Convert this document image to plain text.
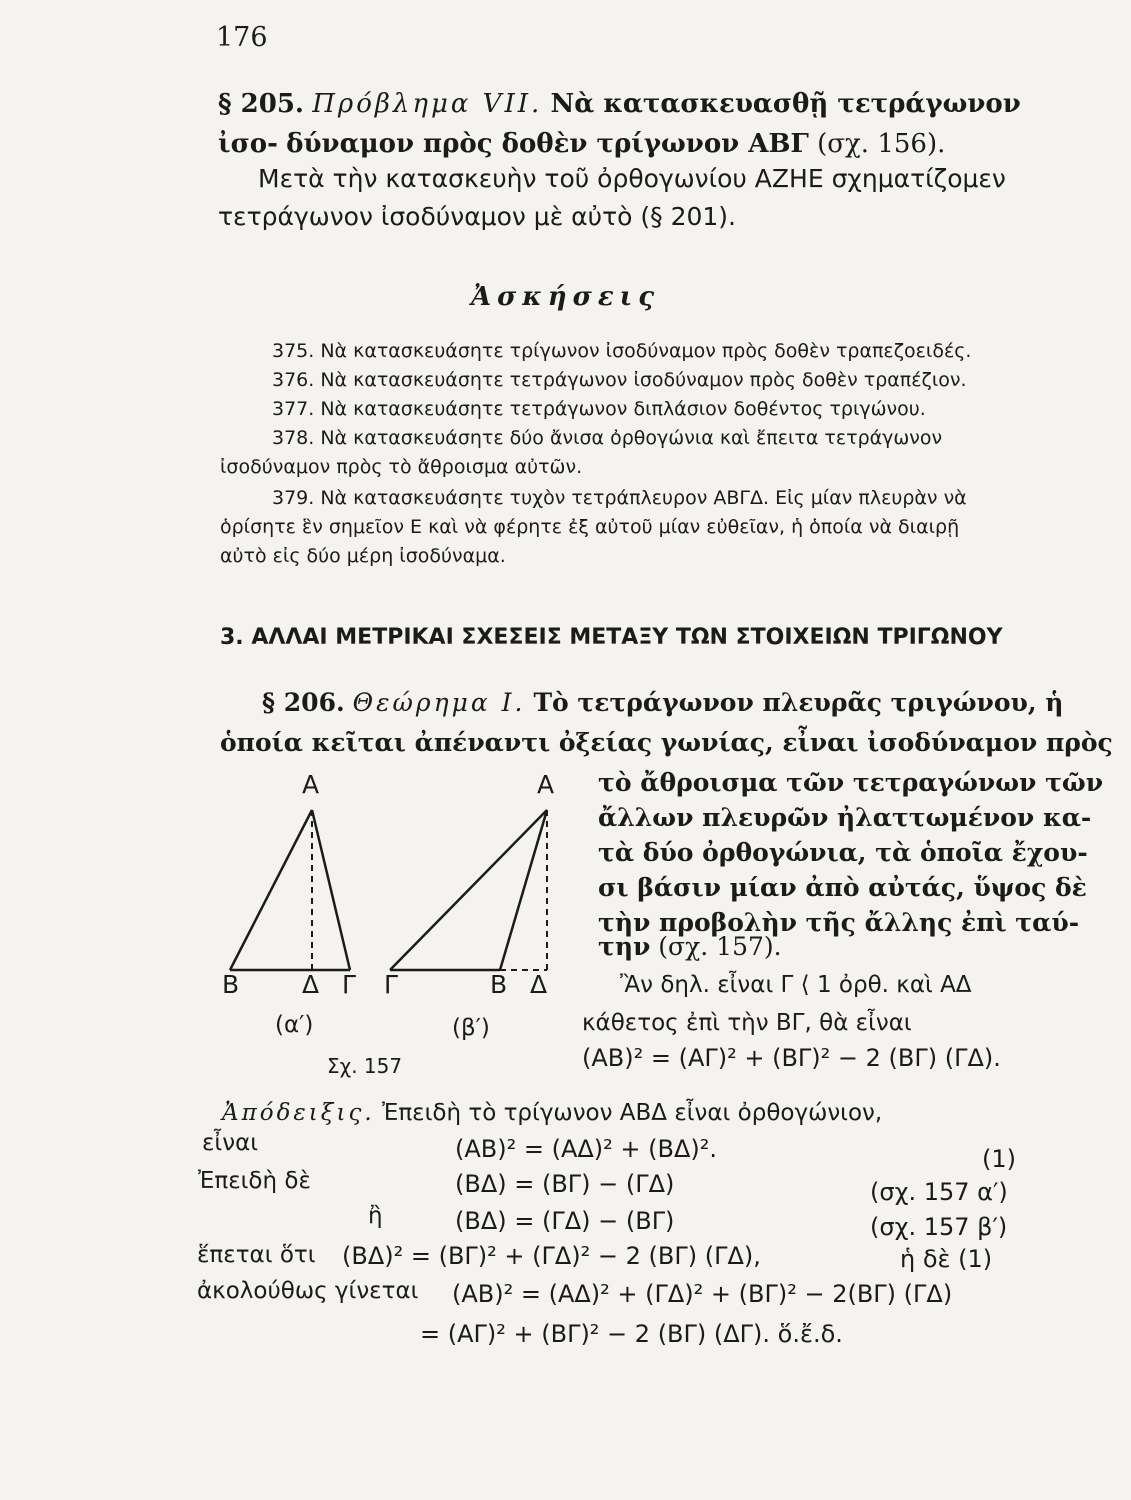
176
§ 205. Πρόβλημα VII. Νὰ κατασκευασθῇ τετράγωνον ἰσο- δύναμον πρὸς δοθὲν τρίγωνον ΑΒΓ (σχ. 156).
Μετὰ τὴν κατασκευὴν τοῦ ὀρθογωνίου ΑΖΗΕ σχηματίζομεν τετράγωνον ἰσοδύναμον μὲ αὐτὸ (§ 201).
Ἀσκήσεις
375. Νὰ κατασκευάσητε τρίγωνον ἰσοδύναμον πρὸς δοθὲν τραπεζοειδές.
376. Νὰ κατασκευάσητε τετράγωνον ἰσοδύναμον πρὸς δοθὲν τραπέζιον.
377. Νὰ κατασκευάσητε τετράγωνον διπλάσιον δοθέντος τριγώνου.
378. Νὰ κατασκευάσητε δύο ἄνισα ὀρθογώνια καὶ ἔπειτα τετράγωνον
ἰσοδύναμον πρὸς τὸ ἄθροισμα αὐτῶν.
379. Νὰ κατασκευάσητε τυχὸν τετράπλευρον ΑΒΓΔ. Εἰς μίαν πλευρὰν νὰ
ὁρίσητε ἓν σημεῖον Ε καὶ νὰ φέρητε ἐξ αὐτοῦ μίαν εὐθεῖαν, ἡ ὁποία νὰ διαιρῇ
αὐτὸ εἰς δύο μέρη ἰσοδύναμα.
3. ΑΛΛΑΙ ΜΕΤΡΙΚΑΙ ΣΧΕΣΕΙΣ ΜΕΤΑΞΥ ΤΩΝ ΣΤΟΙΧΕΙΩΝ ΤΡΙΓΩΝΟΥ
§ 206. Θεώρημα I. Τὸ τετράγωνον πλευρᾶς τριγώνου, ἡ
ὁποία κεῖται ἀπέναντι ὀξείας γωνίας, εἶναι ἰσοδύναμον πρὸς
τὸ ἄθροισμα τῶν τετραγώνων τῶν
ἄλλων πλευρῶν ἠλαττωμένον κα-
τὰ δύο ὀρθογώνια, τὰ ὁποῖα ἔχου-
σι βάσιν μίαν ἀπὸ αὐτάς, ὕψος δὲ
τὴν προβολὴν τῆς ἄλλης ἐπὶ ταύ-
την (σχ. 157).
Ἂν δηλ. εἶναι Γ ⟨ 1 ὀρθ. καὶ ΑΔ
κάθετος ἐπὶ τὴν ΒΓ, θὰ εἶναι
(ΑΒ)² = (ΑΓ)² + (ΒΓ)² − 2 (ΒΓ) (ΓΔ).
Α
Β	Δ Γ
Α
Γ	Β Δ
(α′)	(β′)
Σχ. 157
Ἀπόδειξις. Ἐπειδὴ τὸ τρίγωνον ΑΒΔ εἶναι ὀρθογώνιον,
εἶναι	(ΑΒ)² = (ΑΔ)² + (ΒΔ)².	(1)
Ἐπειδὴ δὲ	(ΒΔ) = (ΒΓ) − (ΓΔ)	(σχ. 157 α′)
ἢ	(ΒΔ) = (ΓΔ) − (ΒΓ)	(σχ. 157 β′)
ἕπεται ὅτι (ΒΔ)² = (ΒΓ)² + (ΓΔ)² − 2 (ΒΓ) (ΓΔ),	ἡ δὲ (1)
ἀκολούθως γίνεται (ΑΒ)² = (ΑΔ)² + (ΓΔ)² + (ΒΓ)² − 2(ΒΓ) (ΓΔ)
= (ΑΓ)² + (ΒΓ)² − 2 (ΒΓ) (ΔΓ). ὅ.ἔ.δ.
